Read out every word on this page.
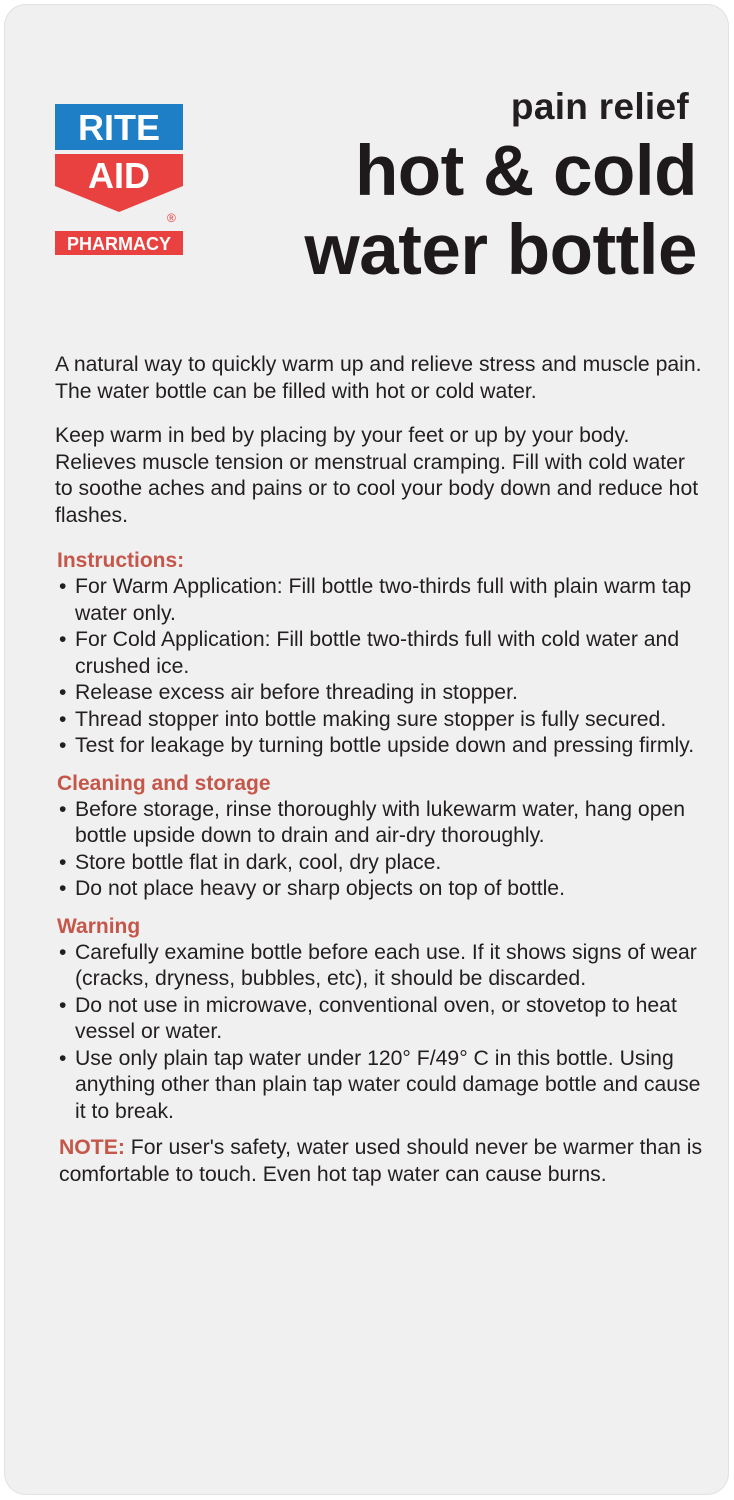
RITE
AID
®
PHARMACY
pain relief
hot & cold
water bottle

A natural way to quickly warm up and relieve stress and muscle pain. The water bottle can be filled with hot or cold water.

Keep warm in bed by placing by your feet or up by your body. Relieves muscle tension or menstrual cramping. Fill with cold water to soothe aches and pains or to cool your body down and reduce hot flashes.

Instructions:
• For Warm Application: Fill bottle two-thirds full with plain warm tap water only.
• For Cold Application: Fill bottle two-thirds full with cold water and crushed ice.
• Release excess air before threading in stopper.
• Thread stopper into bottle making sure stopper is fully secured.
• Test for leakage by turning bottle upside down and pressing firmly.
Cleaning and storage
• Before storage, rinse thoroughly with lukewarm water, hang open bottle upside down to drain and air-dry thoroughly.
• Store bottle flat in dark, cool, dry place.
• Do not place heavy or sharp objects on top of bottle.
Warning
• Carefully examine bottle before each use. If it shows signs of wear (cracks, dryness, bubbles, etc), it should be discarded.
• Do not use in microwave, conventional oven, or stovetop to heat vessel or water.
• Use only plain tap water under 120° F/49° C in this bottle. Using anything other than plain tap water could damage bottle and cause it to break.
NOTE: For user's safety, water used should never be warmer than is comfortable to touch. Even hot tap water can cause burns.
